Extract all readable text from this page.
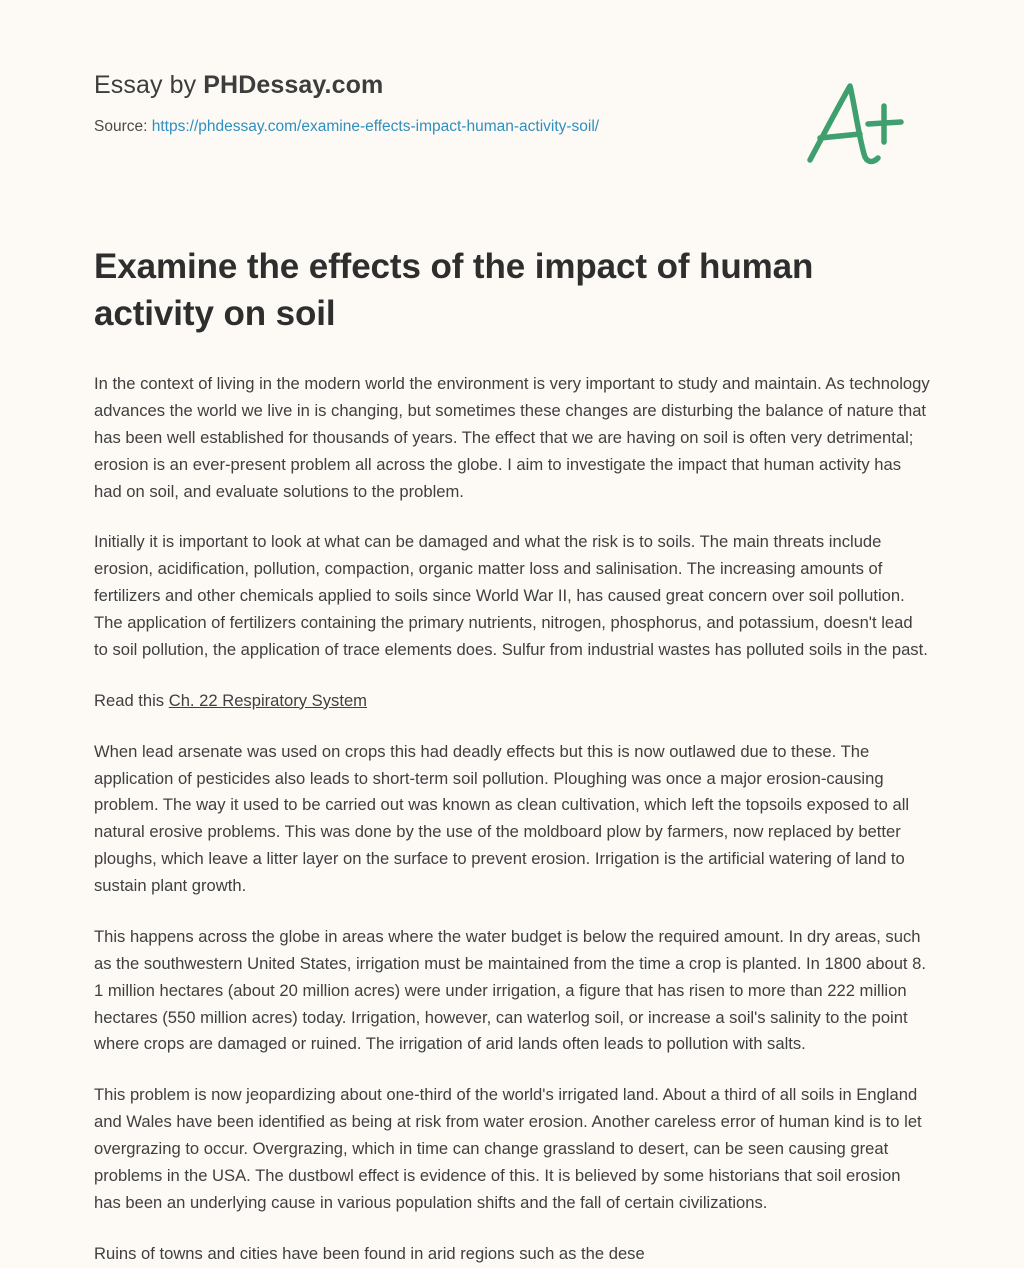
Essay by PHDessay.com
Source: https://phdessay.com/examine-effects-impact-human-activity-soil/
Examine the effects of the impact of human activity on soil

In the context of living in the modern world the environment is very important to study and maintain. As technology advances the world we live in is changing, but sometimes these changes are disturbing the balance of nature that has been well established for thousands of years. The effect that we are having on soil is often very detrimental; erosion is an ever-present problem all across the globe. I aim to investigate the impact that human activity has had on soil, and evaluate solutions to the problem.

Initially it is important to look at what can be damaged and what the risk is to soils. The main threats include erosion, acidification, pollution, compaction, organic matter loss and salinisation. The increasing amounts of fertilizers and other chemicals applied to soils since World War II, has caused great concern over soil pollution. The application of fertilizers containing the primary nutrients, nitrogen, phosphorus, and potassium, doesn't lead to soil pollution, the application of trace elements does. Sulfur from industrial wastes has polluted soils in the past.

Read this Ch. 22 Respiratory System

When lead arsenate was used on crops this had deadly effects but this is now outlawed due to these. The application of pesticides also leads to short-term soil pollution. Ploughing was once a major erosion-causing problem. The way it used to be carried out was known as clean cultivation, which left the topsoils exposed to all natural erosive problems. This was done by the use of the moldboard plow by farmers, now replaced by better ploughs, which leave a litter layer on the surface to prevent erosion. Irrigation is the artificial watering of land to sustain plant growth.

This happens across the globe in areas where the water budget is below the required amount. In dry areas, such as the southwestern United States, irrigation must be maintained from the time a crop is planted. In 1800 about 8. 1 million hectares (about 20 million acres) were under irrigation, a figure that has risen to more than 222 million hectares (550 million acres) today. Irrigation, however, can waterlog soil, or increase a soil's salinity to the point where crops are damaged or ruined. The irrigation of arid lands often leads to pollution with salts.

This problem is now jeopardizing about one-third of the world's irrigated land. About a third of all soils in England and Wales have been identified as being at risk from water erosion. Another careless error of human kind is to let overgrazing to occur. Overgrazing, which in time can change grassland to desert, can be seen causing great problems in the USA. The dustbowl effect is evidence of this. It is believed by some historians that soil erosion has been an underlying cause in various population shifts and the fall of certain civilizations.

Ruins of towns and cities have been found in arid regions such as the dese
